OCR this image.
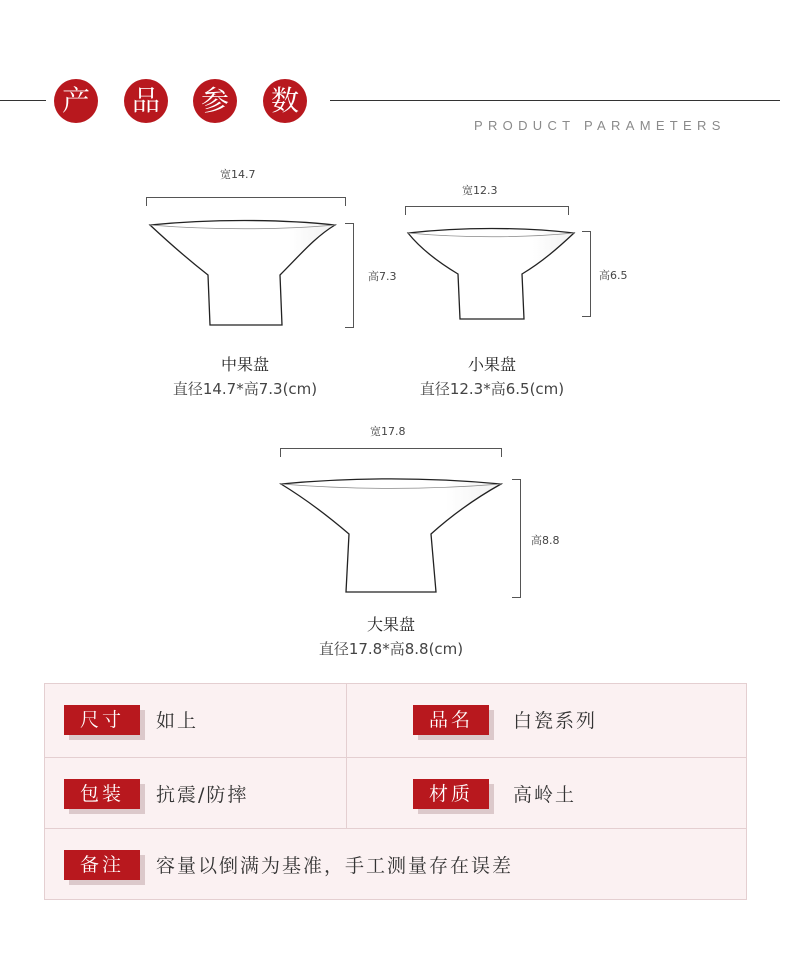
产 品 参 数
PRODUCT PARAMETERS
宽14.7
高7.3
中果盘
直径14.7*高7.3(cm)
宽12.3
高6.5
小果盘
直径12.3*高6.5(cm)
宽17.8
高8.8
大果盘
直径17.8*高8.8(cm)
尺寸	如上	品名	白瓷系列
包装	抗震/防摔	材质	高岭土
备注	容量以倒满为基准，手工测量存在误差
